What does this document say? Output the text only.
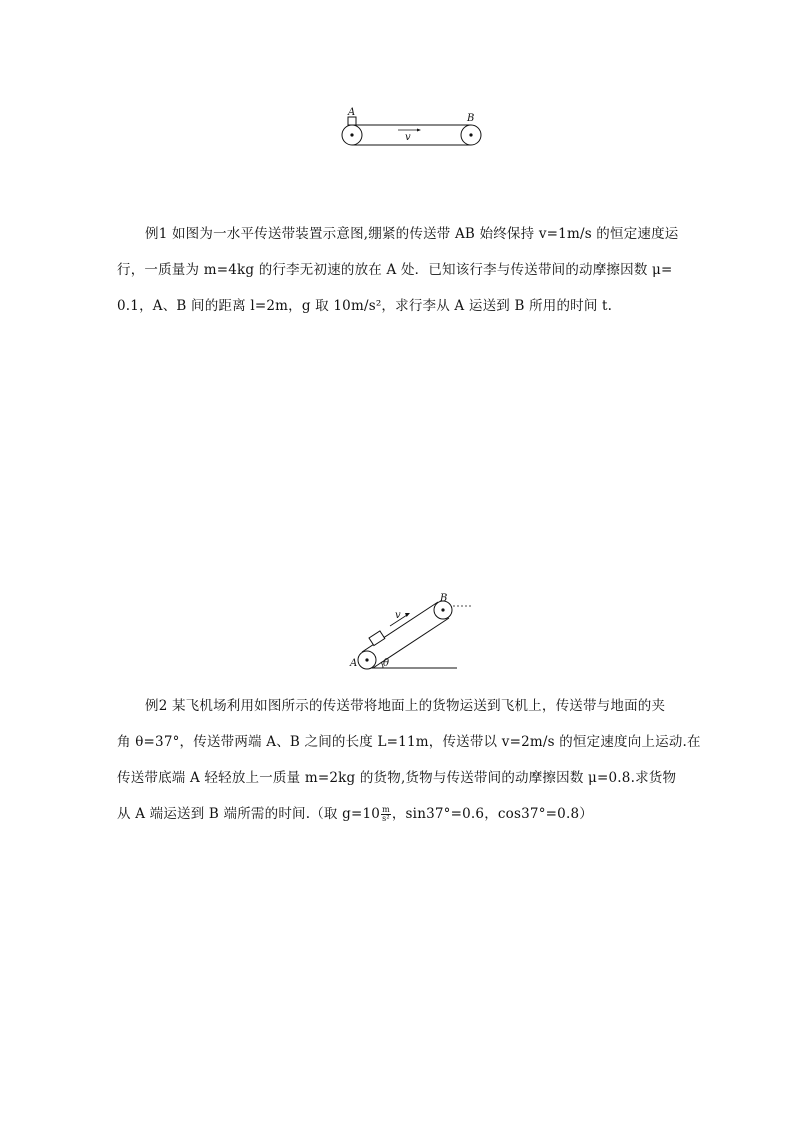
A
B
v
例1 如图为一水平传送带装置示意图,绷紧的传送带 AB 始终保持 v=1m/s 的恒定速度运
行，一质量为 m=4kg 的行李无初速的放在 A 处．已知该行李与传送带间的动摩擦因数 μ=
0.1，A、B 间的距离 l=2m，g 取 10m/s²，求行李从 A 运送到 B 所用的时间 t.
A
B
v
θ
例2 某飞机场利用如图所示的传送带将地面上的货物运送到飞机上，传送带与地面的夹
角 θ=37°，传送带两端 A、B 之间的长度 L=11m，传送带以 v=2m/s 的恒定速度向上运动.在
传送带底端 A 轻轻放上一质量 m=2kg 的货物,货物与传送带间的动摩擦因数 μ=0.8.求货物
从 A 端运送到 B 端所需的时间.（取 $g=10 \frac{m}{\text{s²}}$ ，sin37°=0.6，cos37°=0.8）
